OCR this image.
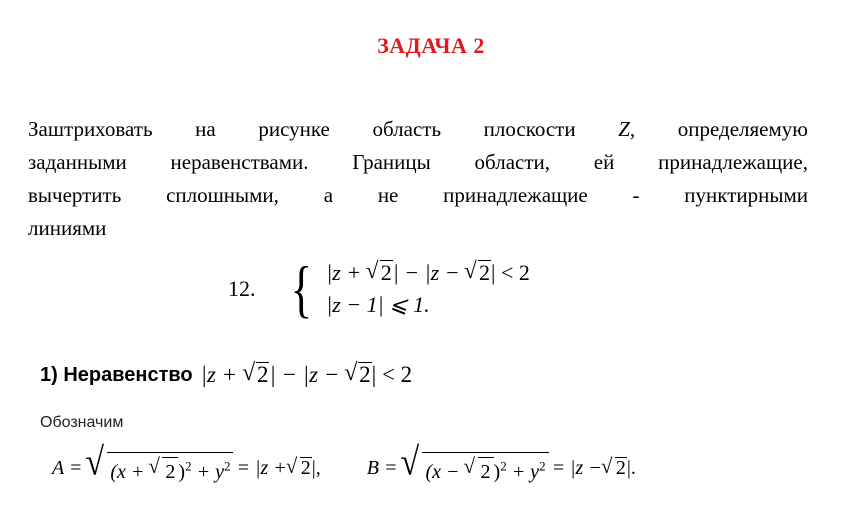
ЗАДАЧА 2
Заштриховать на рисунке область плоскости Z, определяемую
заданными неравенствами. Границы области, ей принадлежащие,
вычертить сплошными, а не принадлежащие - пунктирными
линиями
12. { |z + √ 2| − |z − √ 2| < 2
|z − 1| ⩽ 1.
1) Неравенство |z + √ 2| − |z − √ 2| < 2
Обозначим
A =	√ (x + √ 2 )$^2 + y^2 = |z$ + √ 2 |, B =	√ (x − √ 2 )$^2 + y^2 = |z$ − √ 2 |.
